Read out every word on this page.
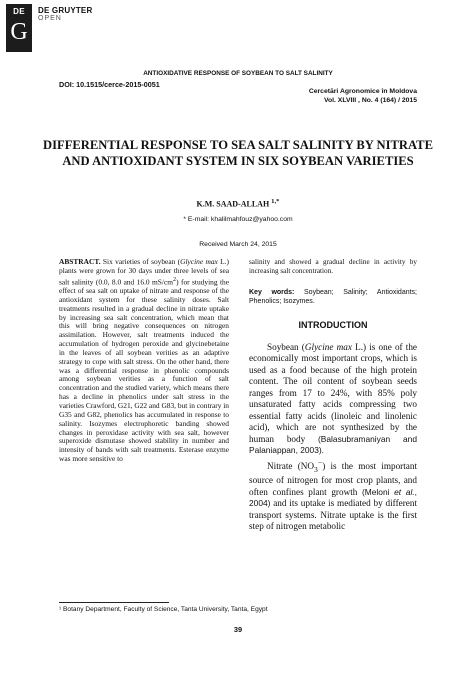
DE
G
DE GRUYTER
OPEN
ANTIOXIDATIVE RESPONSE OF SOYBEAN TO SALT SALINITY
DOI: 10.1515/cerce-2015-0051
Cercetări Agronomice în Moldova
Vol. XLVIII , No. 4 (164) / 2015
DIFFERENTIAL RESPONSE TO SEA SALT SALINITY BY NITRATE AND ANTIOXIDANT SYSTEM IN SIX SOYBEAN VARIETIES
K.M. SAAD-ALLAH $^{1,*}$
* E-mail: khalilmahfouz@yahoo.com
Received March 24, 2015

ABSTRACT. Six varieties of soybean (Glycine max L.) plants were grown for 30 days under three levels of sea salt salinity (0.0, 8.0 and 16.0 $mS/cm^2$) for studying the effect of sea salt on uptake of nitrate and response of the antioxidant system for these salinity doses. Salt treatments resulted in a gradual decline in nitrate uptake by increasing sea salt concentration, which mean that this will bring negative consequences on nitrogen assimilation. However, salt treatments induced the accumulation of hydrogen peroxide and glycinebetaine in the leaves of all soybean verities as an adaptive strategy to cope with salt stress. On the other hand, there was a differential response in phenolic compounds among soybean verities as a function of salt concentration and the studied variety, which means there has a decline in phenolics under salt stress in the varieties Crawford, G21, G22 and G83, but in contrary in G35 and G82, phenolics has accumulated in response to salinity. Isozymes electrophoretic banding showed changes in peroxidase activity with sea salt, however superoxide dismutase showed stability in number and intensity of bands with salt treatments. Esterase enzyme was more sensitive to

salinity and showed a gradual decline in activity by increasing salt concentration.

Key words: Soybean; Salinity; Antioxidants; Phenolics; Isozymes.

INTRODUCTION

Soybean (Glycine max L.) is one of the economically most important crops, which is used as a food because of the high protein content. The oil content of soybean seeds ranges from 17 to 24%, with 85% poly unsaturated fatty acids compressing two essential fatty acids (linoleic and linolenic acid), which are not synthesized by the human body (Balasubramaniyan and Palaniappan, 2003).

Nitrate $(NO_3^-)$ is the most important source of nitrogen for most crop plants, and often confines plant growth (Meloni et al., 2004) and its uptake is mediated by different transport systems. Nitrate uptake is the first step of nitrogen metabolic

¹ Botany Department, Faculty of Science, Tanta University, Tanta, Egypt
39
